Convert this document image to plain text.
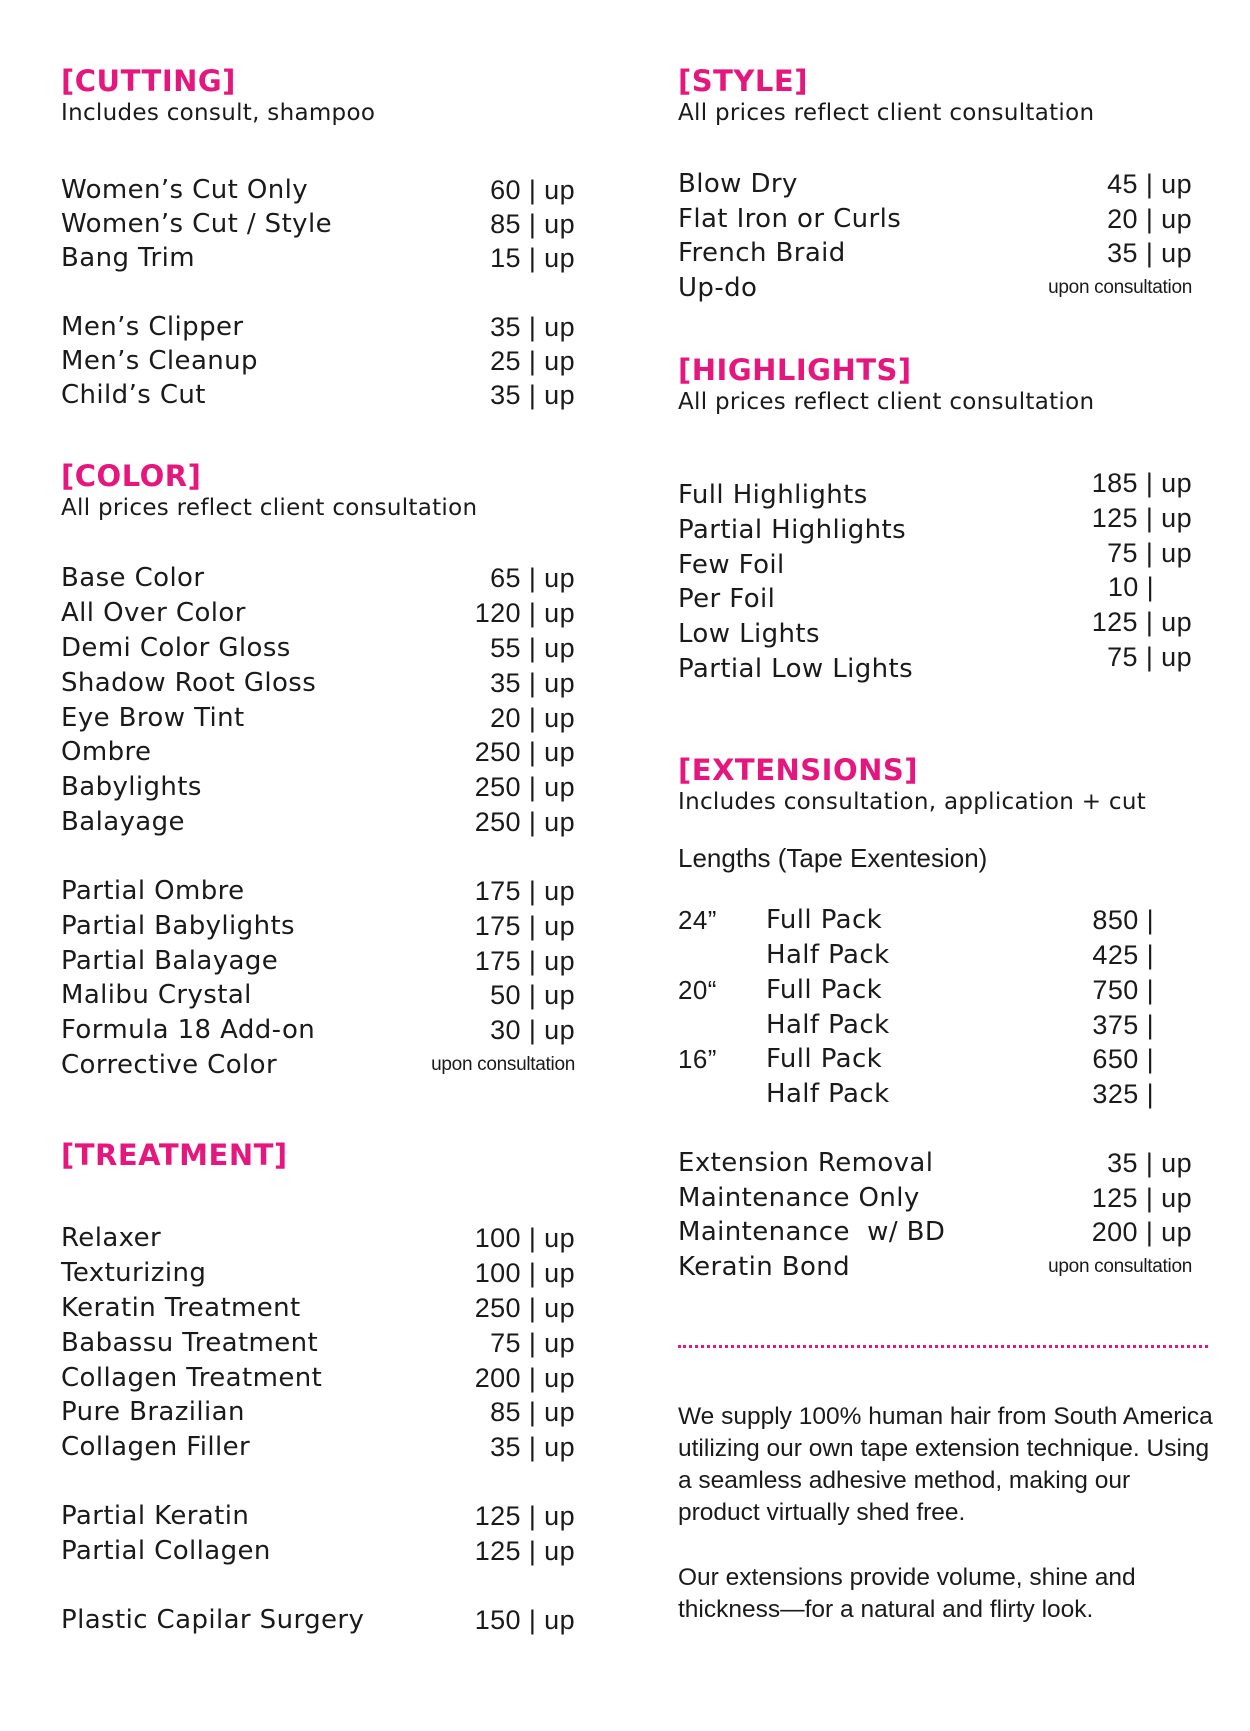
[CUTTING]

Includes consult, shampoo

Women’s Cut Only	60 | up
Women’s Cut / Style	85 | up
Bang Trim	15 | up
Men’s Clipper	35 | up
Men’s Cleanup	25 | up
Child’s Cut	35 | up
[COLOR]

All prices reflect client consultation

Base Color	65 | up
All Over Color	120 | up
Demi Color Gloss	55 | up
Shadow Root Gloss	35 | up
Eye Brow Tint	20 | up
Ombre	250 | up
Babylights	250 | up
Balayage	250 | up
Partial Ombre	175 | up
Partial Babylights	175 | up
Partial Balayage	175 | up
Malibu Crystal	50 | up
Formula 18 Add-on	30 | up
Corrective Color	upon consultation
[TREATMENT]
Relaxer	100 | up
Texturizing	100 | up
Keratin Treatment	250 | up
Babassu Treatment	75 | up
Collagen Treatment	200 | up
Pure Brazilian	85 | up
Collagen Filler	35 | up
Partial Keratin	125 | up
Partial Collagen	125 | up
Plastic Capilar Surgery	150 | up
[STYLE]

All prices reflect client consultation

Blow Dry	45 | up
Flat Iron or Curls	20 | up
French Braid	35 | up
Up-do	upon consultation
[HIGHLIGHTS]

All prices reflect client consultation

Full Highlights	185 | up
Partial Highlights	125 | up
Few Foil	75 | up
Per Foil	10 |
Low Lights	125 | up
Partial Low Lights	75 | up
[EXTENSIONS]

Includes consultation, application + cut

Lengths (Tape Exentesion)
24” Full Pack	850 |
Half Pack	425 |
20“ Full Pack	750 |
Half Pack	375 |
16” Full Pack	650 |
Half Pack	325 |
Extension Removal	35 | up
Maintenance Only	125 | up
Maintenance  w/ BD	200 | up
Keratin Bond	upon consultation

We supply 100% human hair from South America utilizing our own tape extension technique. Using a seamless adhesive method, making our product virtually shed free.

Our extensions provide volume, shine and thickness—for a natural and flirty look.
